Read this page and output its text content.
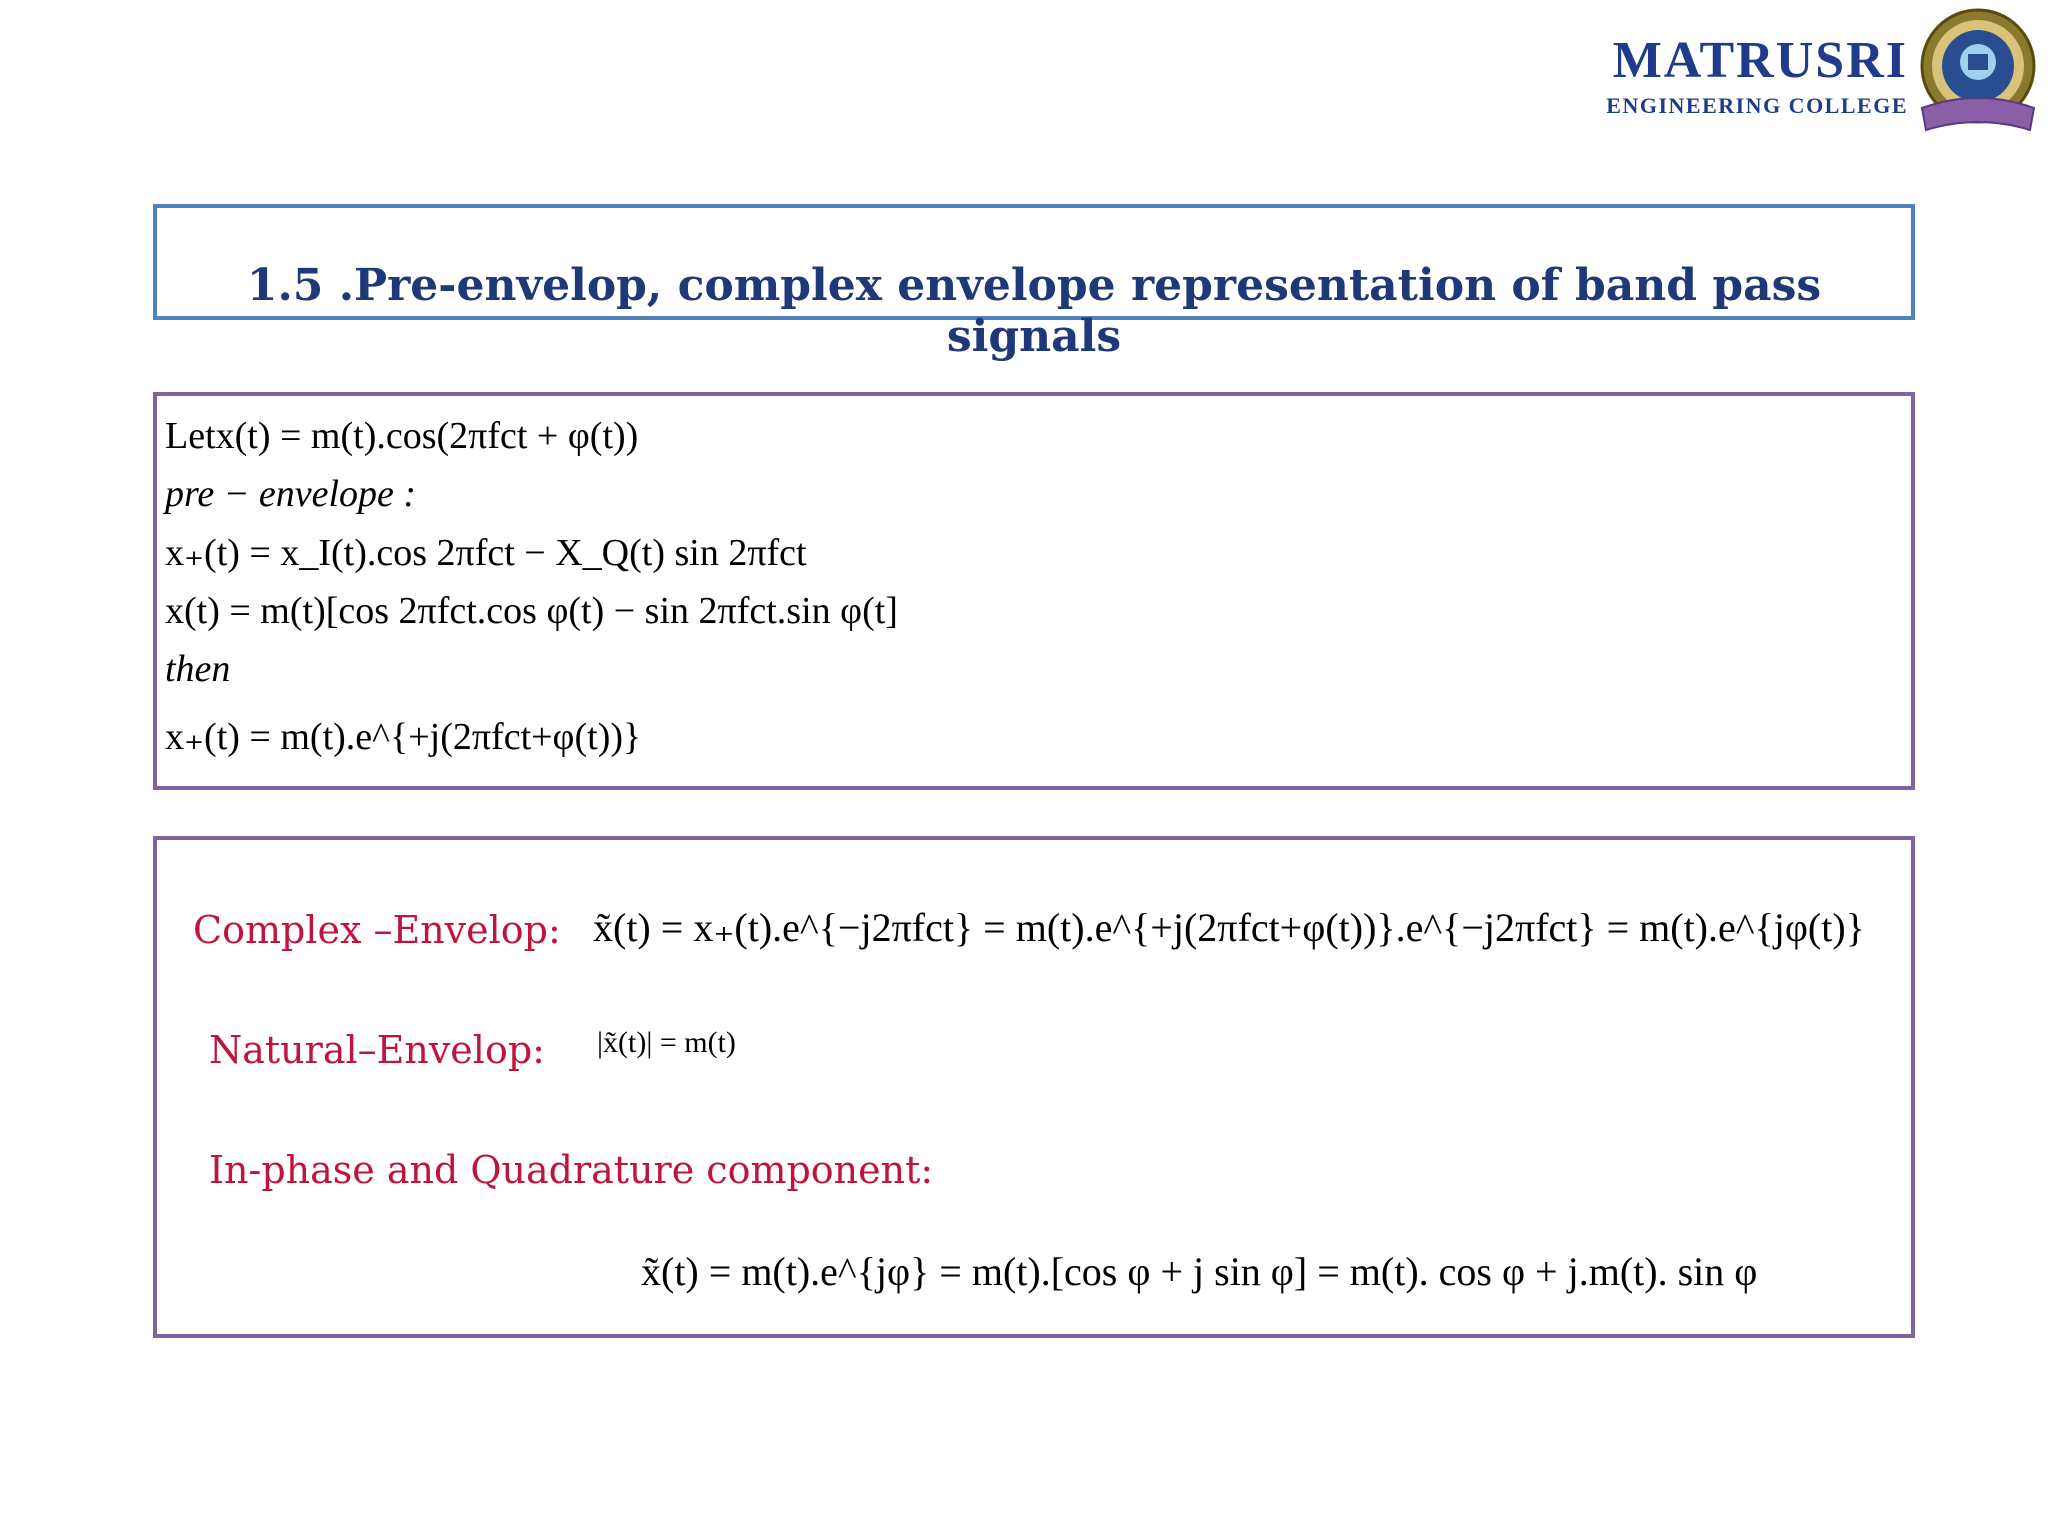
MATRUSRI
ENGINEERING COLLEGE
1.5 .Pre-envelop, complex envelope representation of band pass signals
Letx(t) = m(t).cos(2πfct + φ(t))
pre − envelope :
x₊(t) = x_I(t).cos 2πfct − X_Q(t) sin 2πfct
x(t) = m(t)[cos 2πfct.cos φ(t) − sin 2πfct.sin φ(t]
then
x₊(t) = m(t).e^{+j(2πfct+φ(t))}
Complex –Envelop: x̃(t) = x₊(t).e^{−j2πfct} = m(t).e^{+j(2πfct+φ(t))}.e^{−j2πfct} = m(t).e^{jφ(t)}
Natural–Envelop: |x̃(t)| = m(t)
In-phase and Quadrature component:
x̃(t) = m(t).e^{jφ} = m(t).[cos φ + j sin φ] = m(t). cos φ + j.m(t). sin φ
